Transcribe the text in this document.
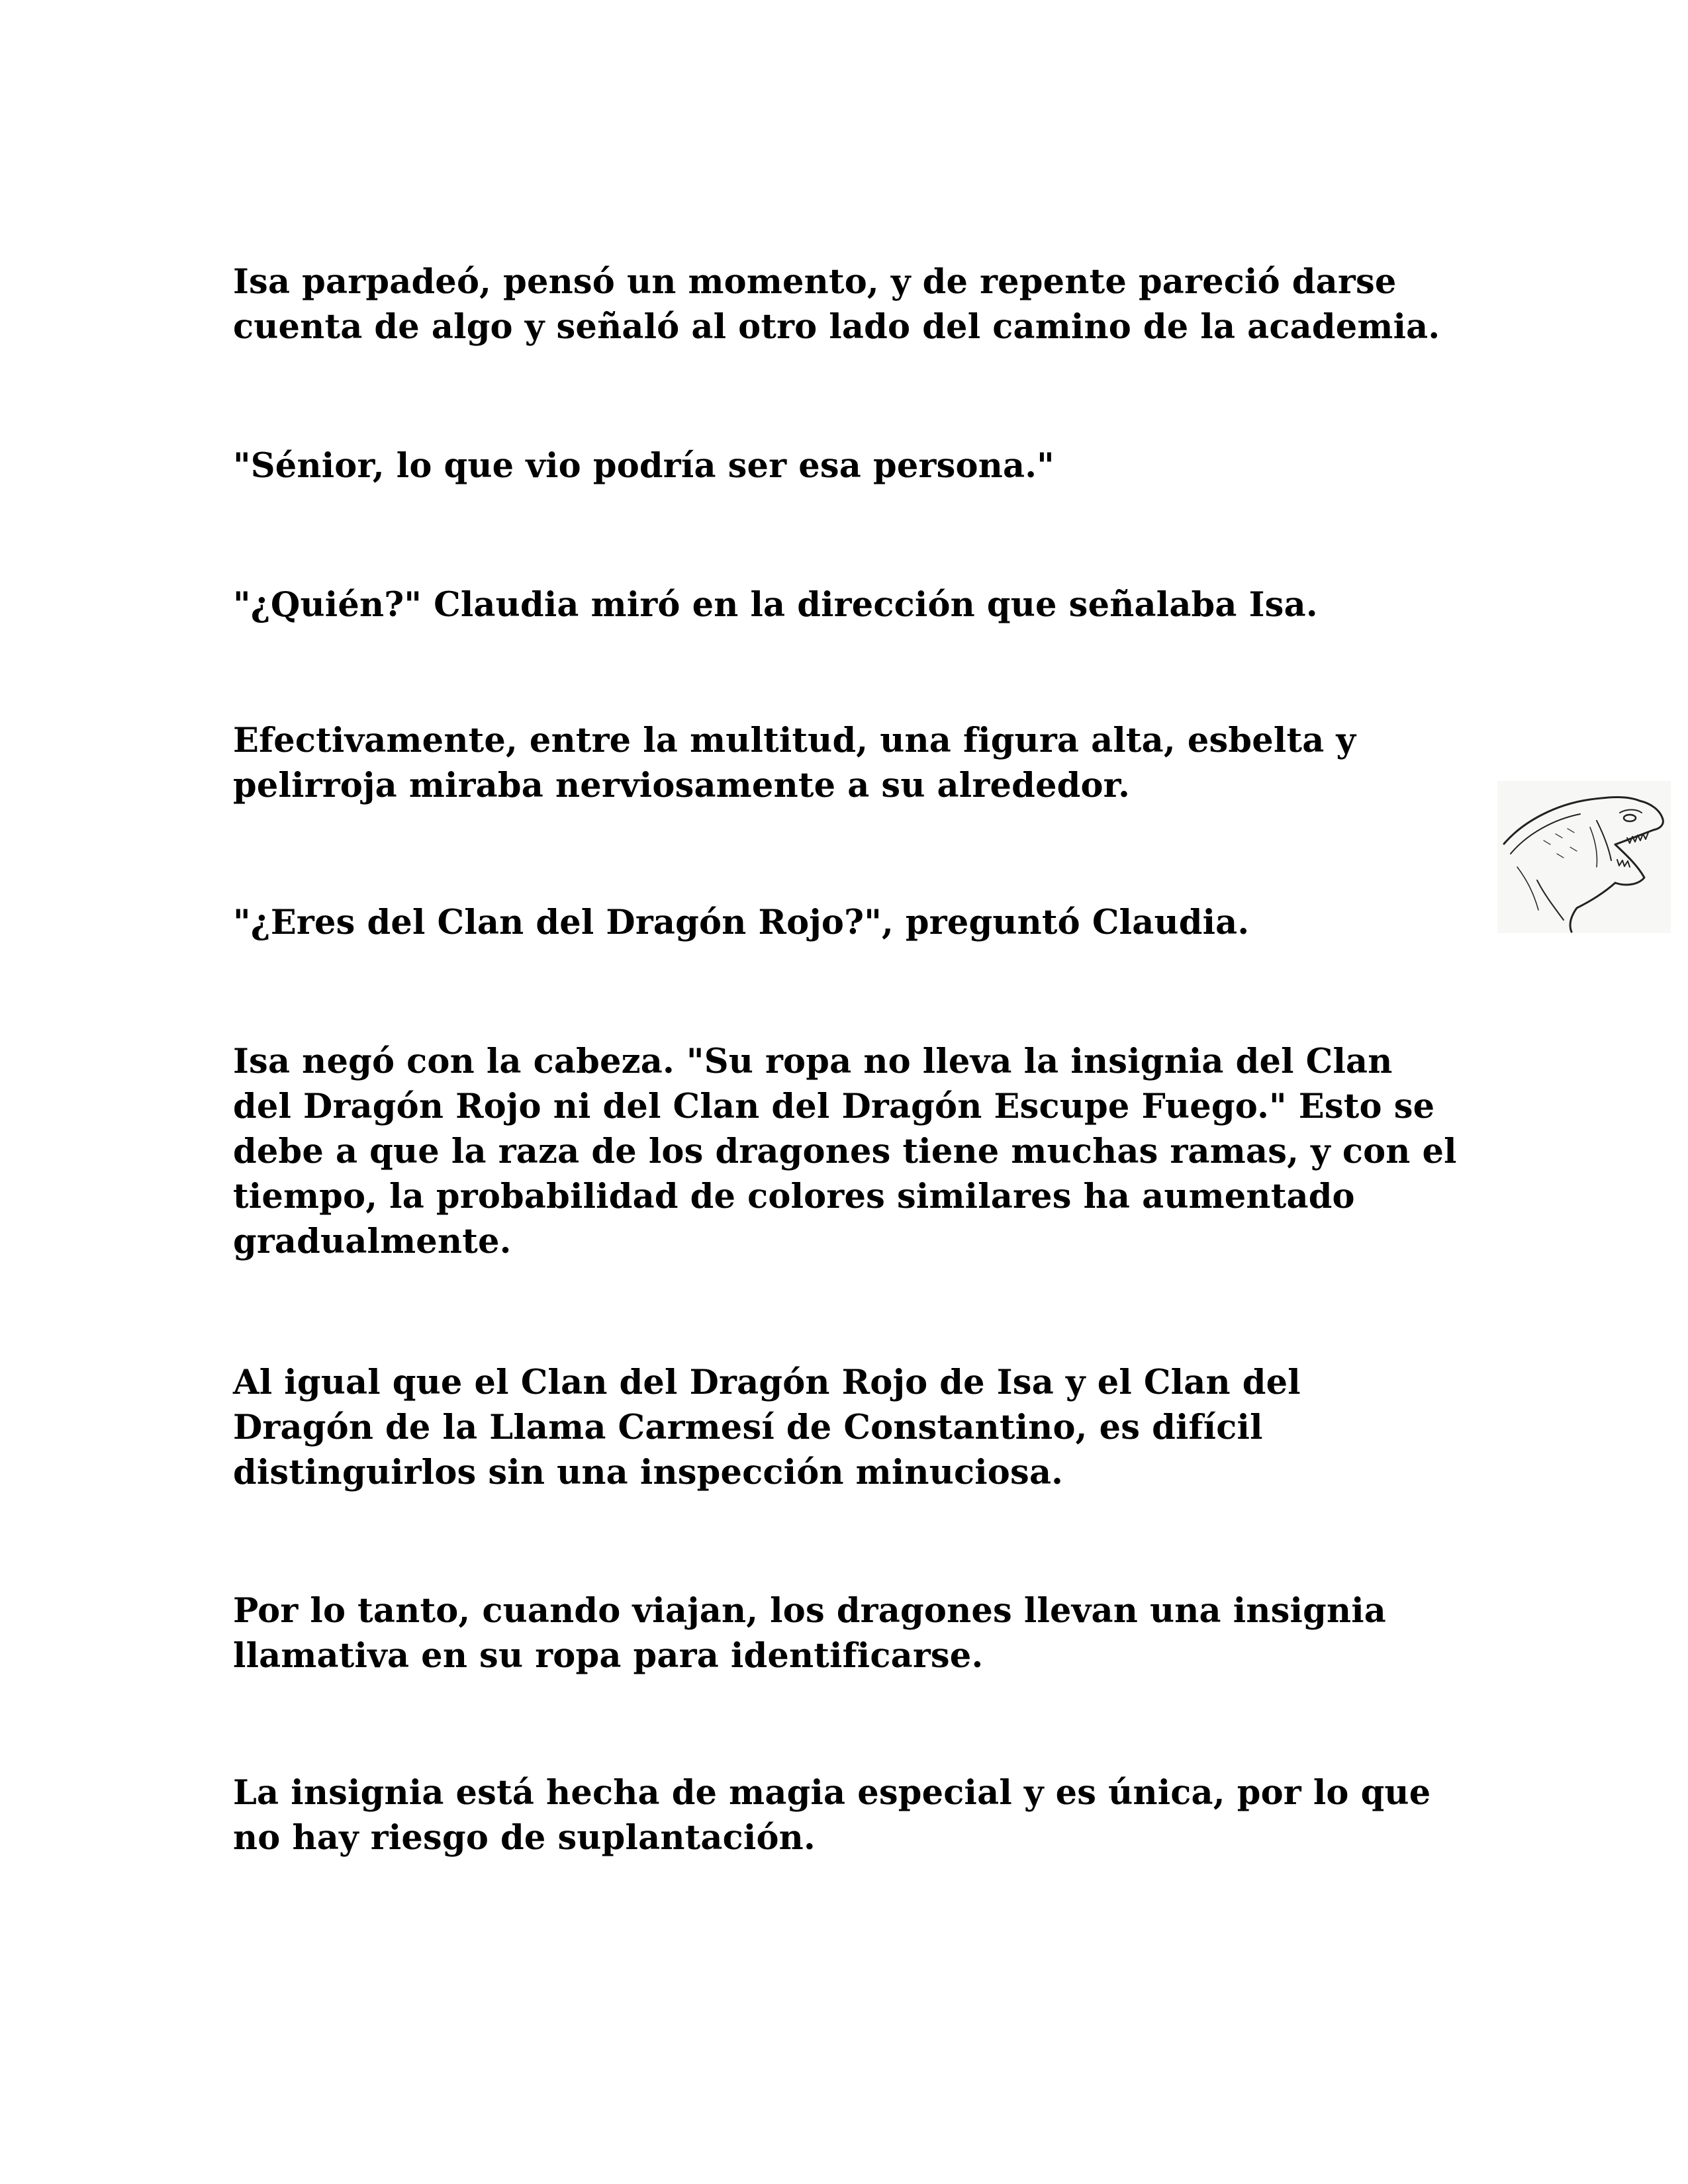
Isa parpadeó, pensó un momento, y de repente pareció darse
cuenta de algo y señaló al otro lado del camino de la academia.

"Sénior, lo que vio podría ser esa persona."

"¿Quién?" Claudia miró en la dirección que señalaba Isa.

Efectivamente, entre la multitud, una figura alta, esbelta y
pelirroja miraba nerviosamente a su alrededor.

"¿Eres del Clan del Dragón Rojo?", preguntó Claudia.

Isa negó con la cabeza. "Su ropa no lleva la insignia del Clan
del Dragón Rojo ni del Clan del Dragón Escupe Fuego." Esto se
debe a que la raza de los dragones tiene muchas ramas, y con el
tiempo, la probabilidad de colores similares ha aumentado
gradualmente.

Al igual que el Clan del Dragón Rojo de Isa y el Clan del
Dragón de la Llama Carmesí de Constantino, es difícil
distinguirlos sin una inspección minuciosa.

Por lo tanto, cuando viajan, los dragones llevan una insignia
llamativa en su ropa para identificarse.

La insignia está hecha de magia especial y es única, por lo que
no hay riesgo de suplantación.
